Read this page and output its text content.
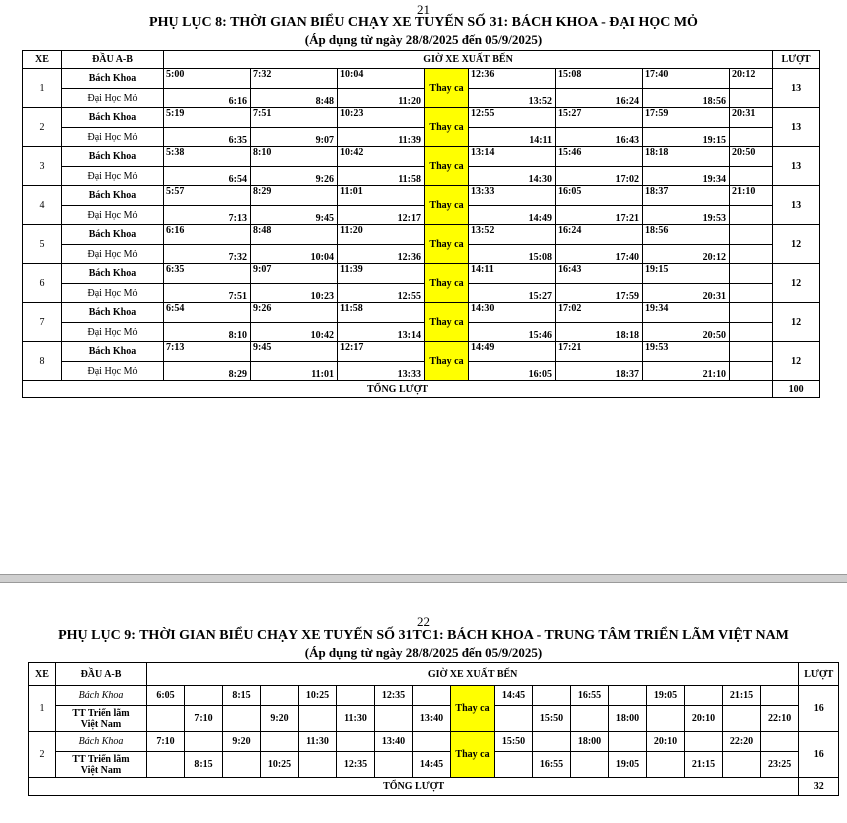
21
PHỤ LỤC 8: THỜI GIAN BIỂU CHẠY XE TUYẾN SỐ 31: BÁCH KHOA - ĐẠI HỌC MỎ
(Áp dụng từ ngày 28/8/2025 đến 05/9/2025)
XE	ĐẦU A-B	GIỜ XE XUẤT BẾN								LƯỢT
1	Bách Khoa	5:00	7:32	10:04	Thay ca	12:36	15:08	17:40	20:12	13
	Đại Học Mỏ	6:16	8:48	11:20		13:52	16:24	18:56		
2	Bách Khoa	5:19	7:51	10:23	Thay ca	12:55	15:27	17:59	20:31	13
	Đại Học Mỏ	6:35	9:07	11:39		14:11	16:43	19:15		
3	Bách Khoa	5:38	8:10	10:42	Thay ca	13:14	15:46	18:18	20:50	13
	Đại Học Mỏ	6:54	9:26	11:58		14:30	17:02	19:34		
4	Bách Khoa	5:57	8:29	11:01	Thay ca	13:33	16:05	18:37	21:10	13
	Đại Học Mỏ	7:13	9:45	12:17		14:49	17:21	19:53		
5	Bách Khoa	6:16	8:48	11:20	Thay ca	13:52	16:24	18:56		12
	Đại Học Mỏ	7:32	10:04	12:36		15:08	17:40	20:12		
6	Bách Khoa	6:35	9:07	11:39	Thay ca	14:11	16:43	19:15		12
	Đại Học Mỏ	7:51	10:23	12:55		15:27	17:59	20:31		
7	Bách Khoa	6:54	9:26	11:58	Thay ca	14:30	17:02	19:34		12
	Đại Học Mỏ	8:10	10:42	13:14		15:46	18:18	20:50		
8	Bách Khoa	7:13	9:45	12:17	Thay ca	14:49	17:21	19:53		12
	Đại Học Mỏ	8:29	11:01	13:33		16:05	18:37	21:10		
TỔNG LƯỢT										100
22
PHỤ LỤC 9: THỜI GIAN BIỂU CHẠY XE TUYẾN SỐ 31TC1: BÁCH KHOA - TRUNG TÂM TRIỂN LÃM VIỆT NAM
(Áp dụng từ ngày 28/8/2025 đến 05/9/2025)
XE	ĐẦU A-B	GIỜ XE XUẤT BẾN																	LƯỢT
1	Bách Khoa	6:05		8:15		10:25		12:35		Thay ca	14:45		16:55		19:05		21:15		16

	TT Triển lãm
Việt Nam		7:10		9:20		11:30		13:40			15:50		18:00		20:10		22:10	
2	Bách Khoa	7:10		9:20		11:30		13:40		Thay ca	15:50		18:00		20:10		22:20		16

	TT Triển lãm
Việt Nam		8:15		10:25		12:35		14:45			16:55		19:05		21:15		23:25	
TỔNG LƯỢT																			32
